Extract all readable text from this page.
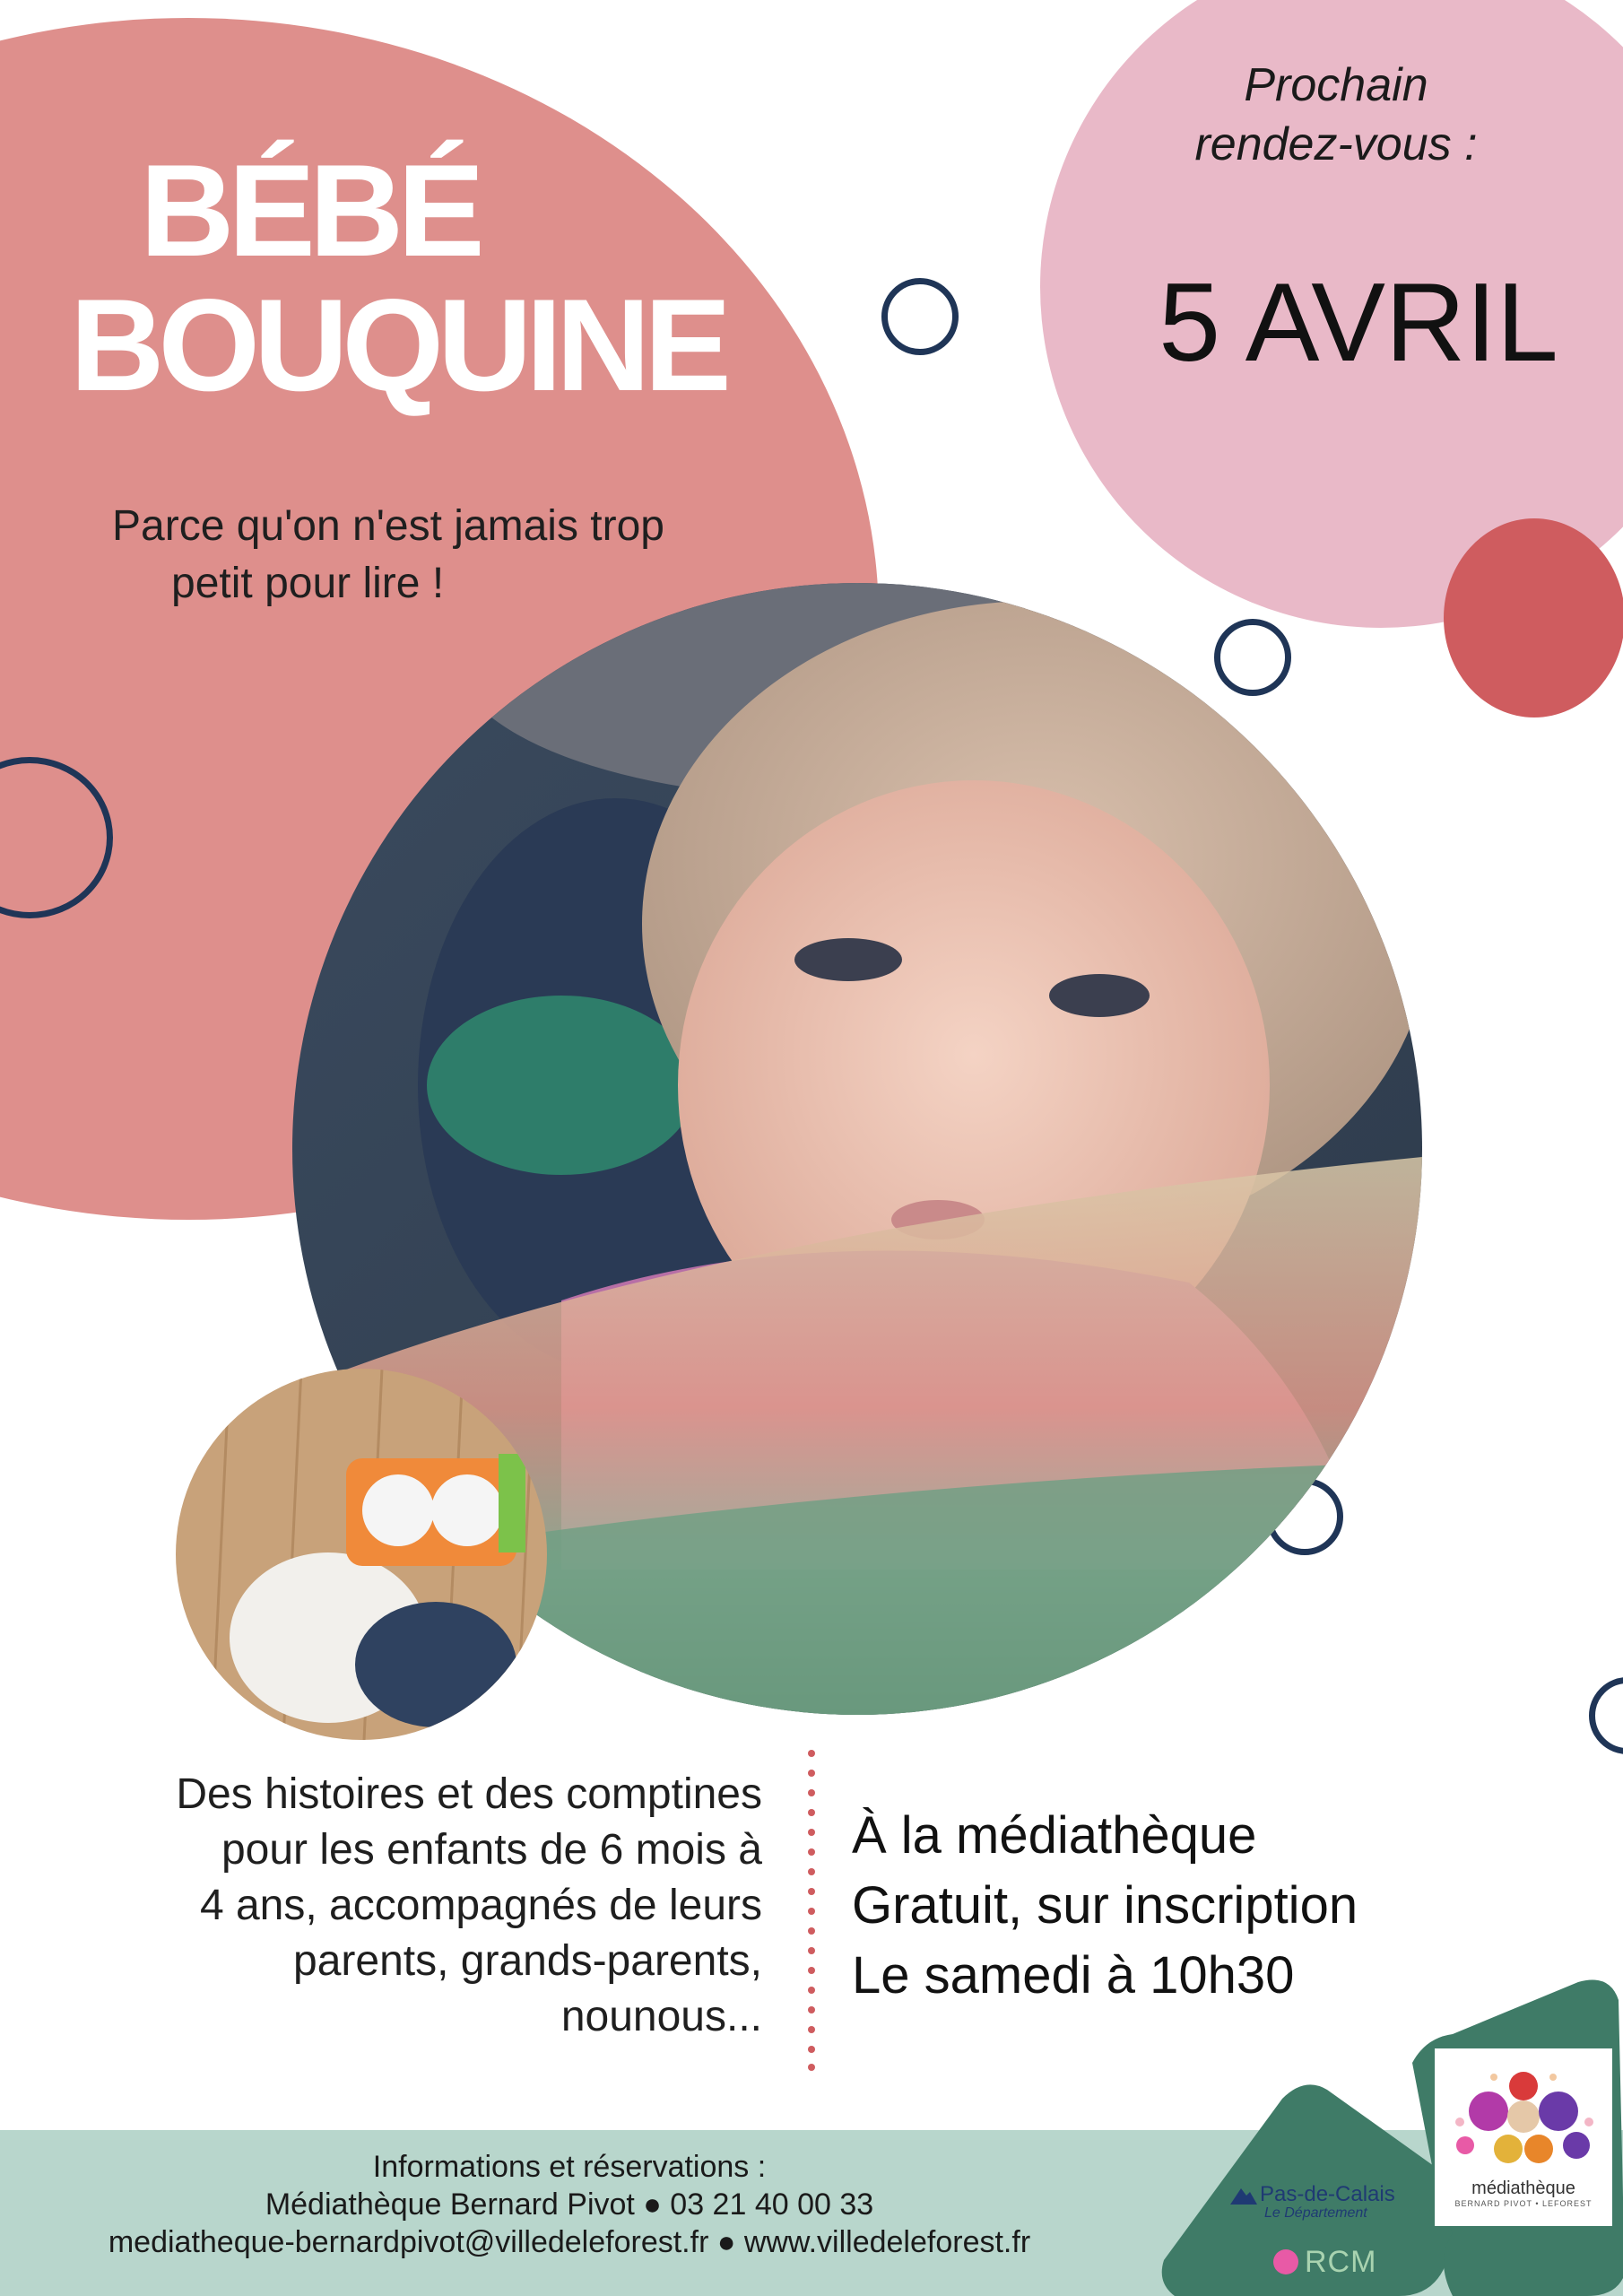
BÉBÉ
BOUQUINE
Parce qu'on n'est jamais trop
petit pour lire !
Prochain
rendez-vous :
5 AVRIL
Des histoires et des comptines
pour les enfants de 6 mois à
4 ans, accompagnés de leurs
parents, grands-parents,
nounous...
À la médiathèque
Gratuit, sur inscription
Le samedi à 10h30
Informations et réservations :
Médiathèque Bernard Pivot ● 03 21 40 00 33
mediatheque-bernardpivot@villedeleforest.fr ● www.villedeleforest.fr
Pas-de-Calais
Le Département
RCM
médiathèque
BERNARD PIVOT • LEFOREST
